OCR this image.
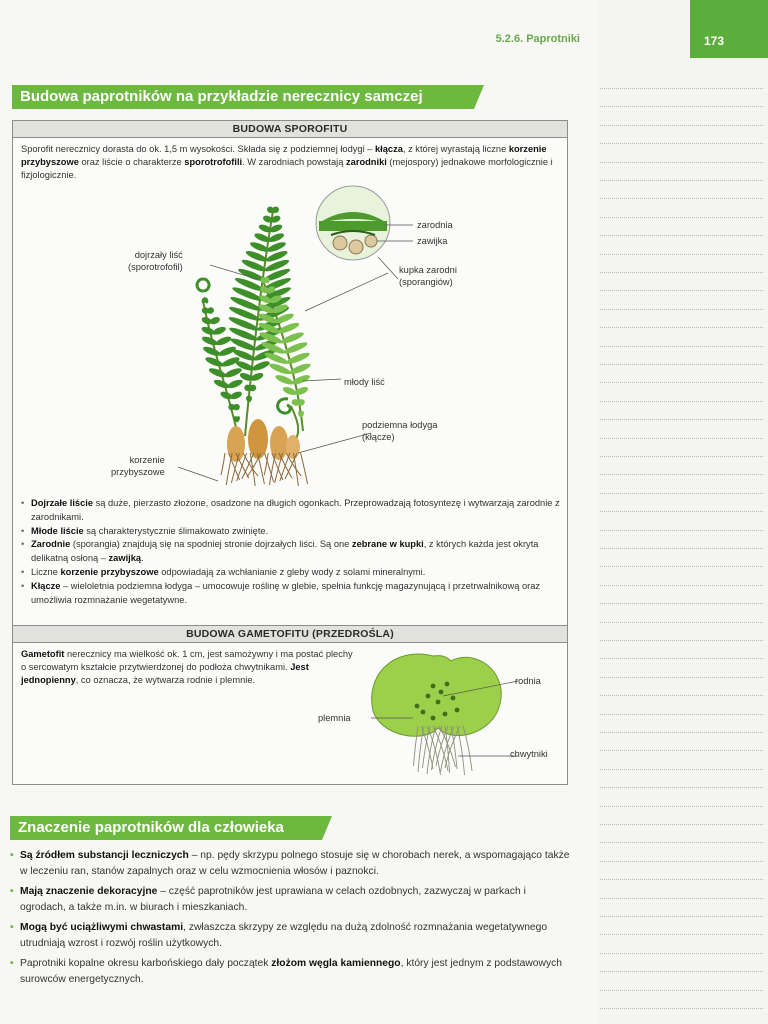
5.2.6. Paprotniki	173
Budowa paprotników na przykładzie nerecznicy samczej
BUDOWA SPOROFITU
Sporofit nerecznicy dorasta do ok. 1,5 m wysokości. Składa się z podziemnej łodygi – kłącza, z której wyrastają liczne korzenie przybyszowe oraz liście o charakterze sporotrofofili. W zarodniach powstają zarodniki (mejospory) jednakowe morfologicznie i fizjologicznie.
dojrzały liść
(sporotrofofil)
zarodnia
zawijka
kupka zarodni
(sporangiów)
młody liść
podziemna łodyga
(kłącze)
korzenie
przybyszowe
• Dojrzałe liście są duże, pierzasto złożone, osadzone na długich ogonkach. Przeprowadzają fotosyntezę i wytwarzają zarodnie z zarodnikami.
• Młode liście są charakterystycznie ślimakowato zwinięte.
• Zarodnie (sporangia) znajdują się na spodniej stronie dojrzałych liści. Są one zebrane w kupki, z których każda jest okryta delikatną osłoną – zawijką.
• Liczne korzenie przybyszowe odpowiadają za wchłanianie z gleby wody z solami mineralnymi.
• Kłącze – wieloletnia podziemna łodyga – umocowuje roślinę w glebie, spełnia funkcję magazynującą i przetrwalnikową oraz umożliwia rozmnażanie wegetatywne.
BUDOWA GAMETOFITU (PRZEDROŚLA)
Gametofit nerecznicy ma wielkość ok. 1 cm, jest samożywny i ma postać plechy o sercowatym kształcie przytwierdzonej do podłoża chwytnikami. Jest jednopienny, co oznacza, że wytwarza rodnie i plemnie.	rodnia
plemnia
chwytniki
Znaczenie paprotników dla człowieka
• Są źródłem substancji leczniczych – np. pędy skrzypu polnego stosuje się w chorobach nerek, a wspomagająco także w leczeniu ran, stanów zapalnych oraz w celu wzmocnienia włosów i paznokci.
• Mają znaczenie dekoracyjne – część paprotników jest uprawiana w celach ozdobnych, zazwyczaj w parkach i ogrodach, a także m.in. w biurach i mieszkaniach.
• Mogą być uciążliwymi chwastami, zwłaszcza skrzypy ze względu na dużą zdolność rozmnażania wegetatywnego utrudniają wzrost i rozwój roślin użytkowych.
• Paprotniki kopalne okresu karbońskiego dały początek złożom węgla kamiennego, który jest jednym z podstawowych surowców energetycznych.
